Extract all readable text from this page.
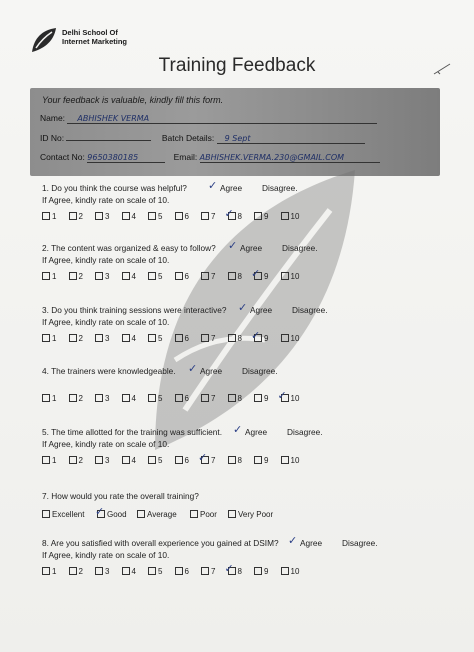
Delhi School Of
Internet Marketing
Training Feedback
Your feedback is valuable, kindly fill this form.
Name: ABHISHEK VERMA
ID No:	Batch Details: 9 Sept
Contact No: 9650380185	Email: ABHISHEK.VERMA.230@GMAIL.COM
1. Do you think the course was helpful?
If Agree, kindly rate on scale of 10.
✓ Agree Disagree.
1	2	3	4	5	6	7	8
✓	9	10
2. The content was organized & easy to follow?
If Agree, kindly rate on scale of 10.
✓ Agree Disagree.
1	2	3	4	5	6	7	8	9
✓	10
3. Do you think training sessions were interactive?
If Agree, kindly rate on scale of 10.
✓ Agree Disagree.
1	2	3	4	5	6	7	8	9
✓	10
4. The trainers were knowledgeable. ✓ Agree Disagree.
1	2	3	4	5	6	7	8	9	10
✓
5. The time allotted for the training was sufficient.
If Agree, kindly rate on scale of 10.
✓ Agree Disagree.
1	2	3	4	5	6	7
✓	8	9	10
8. Are you satisfied with overall experience you gained at DSIM?
If Agree, kindly rate on scale of 10.
✓ Agree Disagree.
1	2	3	4	5	6	7	8
✓	9	10
7. How would you rate the overall training?
Excellent	Good
✓	Average	Poor	Very Poor
